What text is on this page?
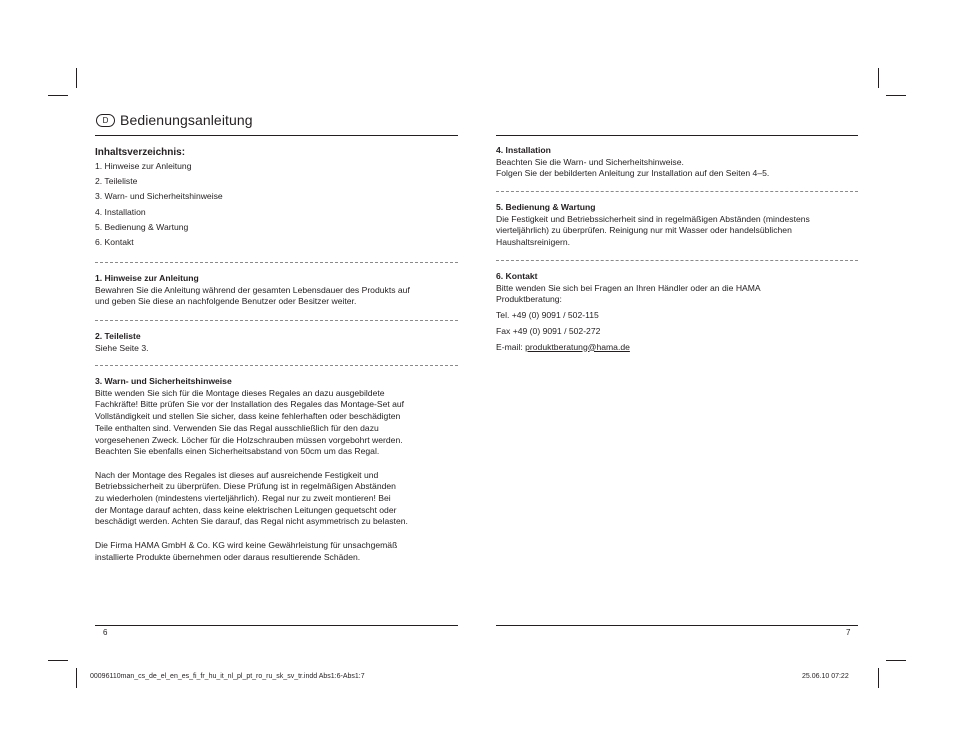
D Bedienungsanleitung

Inhaltsverzeichnis:

1. Hinweise zur Anleitung

2. Teileliste

3. Warn- und Sicherheitshinweise

4. Installation

5. Bedienung & Wartung

6. Kontakt

1. Hinweise zur Anleitung

Bewahren Sie die Anleitung während der gesamten Lebensdauer des Produkts auf

und geben Sie diese an nachfolgende Benutzer oder Besitzer weiter.

2. Teileliste

Siehe Seite 3.

3. Warn- und Sicherheitshinweise

Bitte wenden Sie sich für die Montage dieses Regales an dazu ausgebildete

Fachkräfte! Bitte prüfen Sie vor der Installation des Regales das Montage-Set auf

Vollständigkeit und stellen Sie sicher, dass keine fehlerhaften oder beschädigten

Teile enthalten sind. Verwenden Sie das Regal ausschließlich für den dazu

vorgesehenen Zweck. Löcher für die Holzschrauben müssen vorgebohrt werden.

Beachten Sie ebenfalls einen Sicherheitsabstand von 50cm um das Regal.

Nach der Montage des Regales ist dieses auf ausreichende Festigkeit und

Betriebssicherheit zu überprüfen. Diese Prüfung ist in regelmäßigen Abständen

zu wiederholen (mindestens vierteljährlich). Regal nur zu zweit montieren! Bei

der Montage darauf achten, dass keine elektrischen Leitungen gequetscht oder

beschädigt werden. Achten Sie darauf, das Regal nicht asymmetrisch zu belasten.

Die Firma HAMA GmbH & Co. KG wird keine Gewährleistung für unsachgemäß

installierte Produkte übernehmen oder daraus resultierende Schäden.

4. Installation

Beachten Sie die Warn- und Sicherheitshinweise.

Folgen Sie der bebilderten Anleitung zur Installation auf den Seiten 4–5.

5. Bedienung & Wartung

Die Festigkeit und Betriebssicherheit sind in regelmäßigen Abständen (mindestens

vierteljährlich) zu überprüfen. Reinigung nur mit Wasser oder handelsüblichen

Haushaltsreinigern.

6. Kontakt

Bitte wenden Sie sich bei Fragen an Ihren Händler oder an die HAMA

Produktberatung:

Tel. +49 (0) 9091 / 502-115

Fax +49 (0) 9091 / 502-272

E-mail: produktberatung@hama.de

6	7
00096110man_cs_de_el_en_es_fi_fr_hu_it_nl_pl_pt_ro_ru_sk_sv_tr.indd Abs1:6-Abs1:7	25.06.10 07:22
